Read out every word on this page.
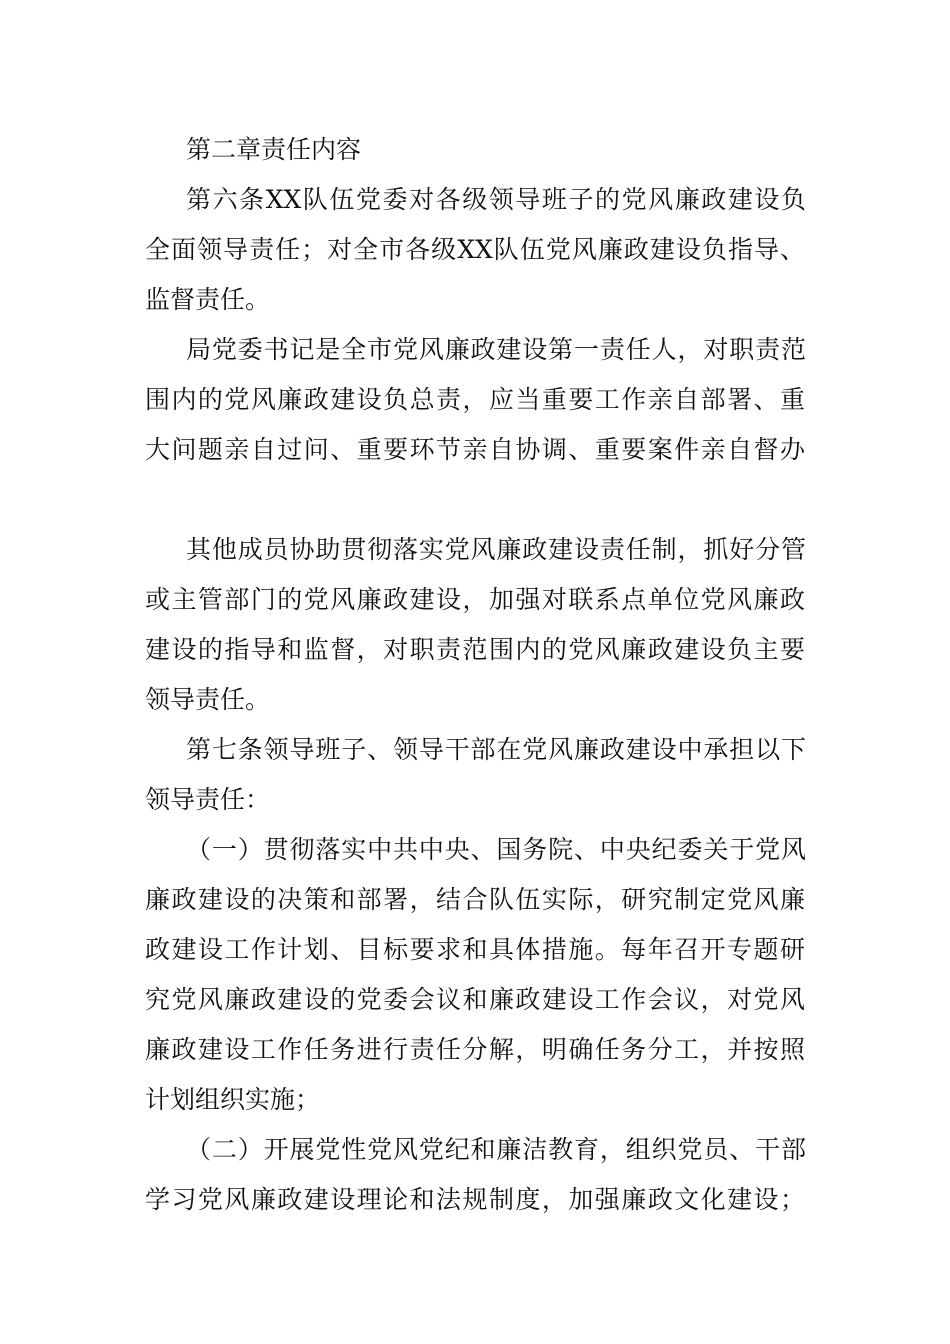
第二章责任内容

第六条XX队伍党委对各级领导班子的党风廉政建设负

全面领导责任；对全市各级XX队伍党风廉政建设负指导、

监督责任。

局党委书记是全市党风廉政建设第一责任人，对职责范

围内的党风廉政建设负总责，应当重要工作亲自部署、重

大问题亲自过问、重要环节亲自协调、重要案件亲自督办

其他成员协助贯彻落实党风廉政建设责任制，抓好分管

或主管部门的党风廉政建设，加强对联系点单位党风廉政

建设的指导和监督，对职责范围内的党风廉政建设负主要

领导责任。

第七条领导班子、领导干部在党风廉政建设中承担以下

领导责任：

（一）贯彻落实中共中央、国务院、中央纪委关于党风

廉政建设的决策和部署，结合队伍实际，研究制定党风廉

政建设工作计划、目标要求和具体措施。每年召开专题研

究党风廉政建设的党委会议和廉政建设工作会议，对党风

廉政建设工作任务进行责任分解，明确任务分工，并按照

计划组织实施；

（二）开展党性党风党纪和廉洁教育，组织党员、干部

学习党风廉政建设理论和法规制度，加强廉政文化建设；
